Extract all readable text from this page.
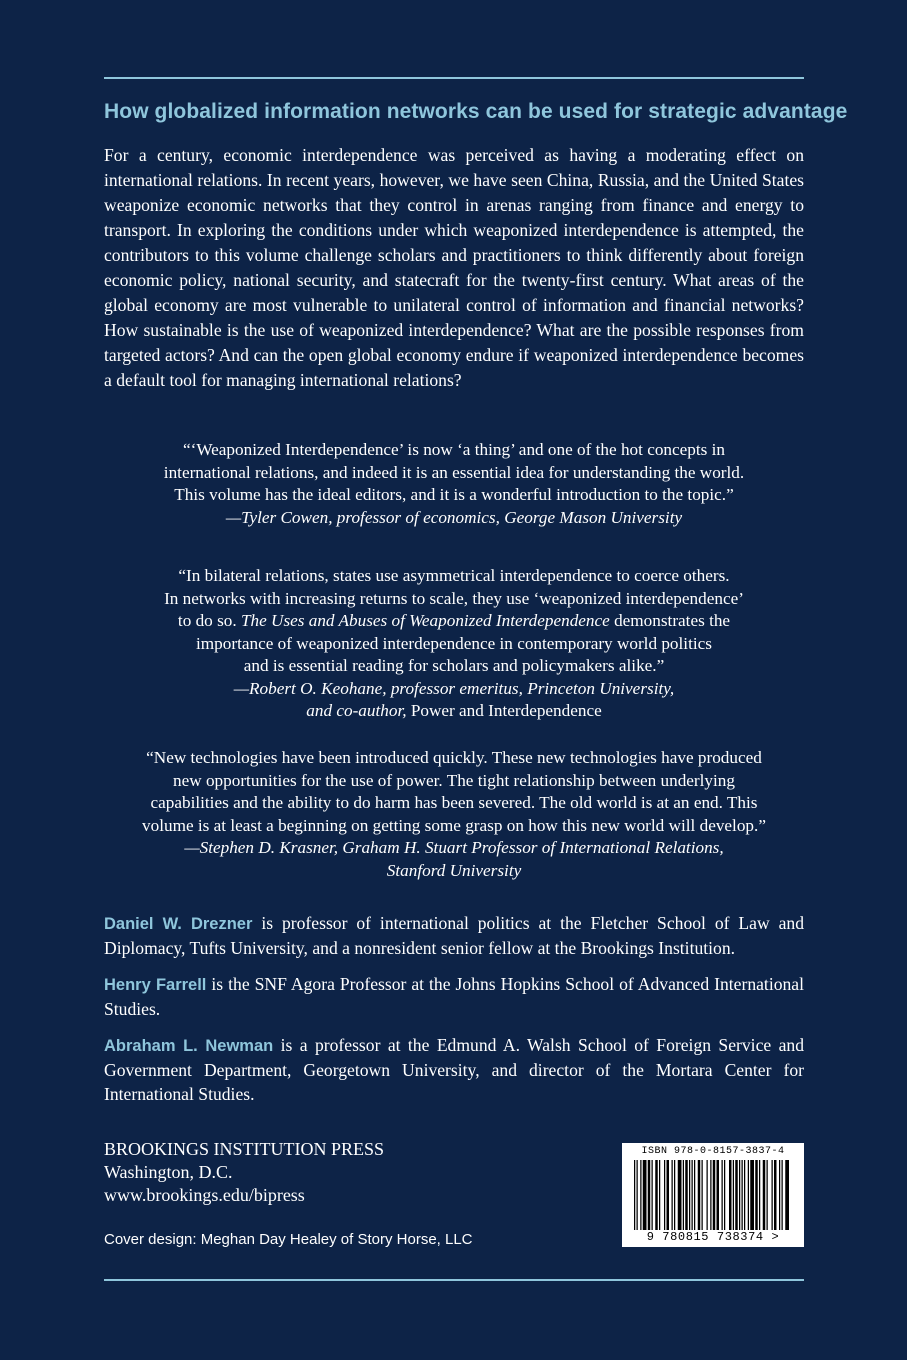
How globalized information networks can be used for strategic advantage
For a century, economic interdependence was perceived as having a moderating effect on international relations. In recent years, however, we have seen China, Russia, and the United States weaponize economic networks that they control in arenas ranging from finance and energy to transport. In exploring the conditions under which weaponized interdependence is attempted, the contributors to this volume challenge scholars and practitioners to think differently about foreign economic policy, national security, and statecraft for the twenty-first century. What areas of the global economy are most vulnerable to unilateral control of information and financial networks? How sustainable is the use of weaponized interdependence? What are the possible responses from targeted actors? And can the open global economy endure if weaponized interdependence becomes a default tool for managing international relations?

“‘Weaponized Interdependence’ is now ‘a thing’ and one of the hot concepts in

international relations, and indeed it is an essential idea for understanding the world.

This volume has the ideal editors, and it is a wonderful introduction to the topic.”

—Tyler Cowen, professor of economics, George Mason University

“In bilateral relations, states use asymmetrical interdependence to coerce others.

In networks with increasing returns to scale, they use ‘weaponized interdependence’

to do so. The Uses and Abuses of Weaponized Interdependence demonstrates the

importance of weaponized interdependence in contemporary world politics

and is essential reading for scholars and policymakers alike.”

—Robert O. Keohane, professor emeritus, Princeton University,

and co-author, Power and Interdependence

“New technologies have been introduced quickly. These new technologies have produced

new opportunities for the use of power. The tight relationship between underlying

capabilities and the ability to do harm has been severed. The old world is at an end. This

volume is at least a beginning on getting some grasp on how this new world will develop.”

—Stephen D. Krasner, Graham H. Stuart Professor of International Relations,

Stanford University

Daniel W. Drezner is professor of international politics at the Fletcher School of Law and Diplomacy, Tufts University, and a nonresident senior fellow at the Brookings Institution.
Henry Farrell is the SNF Agora Professor at the Johns Hopkins School of Advanced International Studies.
Abraham L. Newman is a professor at the Edmund A. Walsh School of Foreign Service and Government Department, Georgetown University, and director of the Mortara Center for International Studies.
BROOKINGS INSTITUTION PRESS
Washington, D.C.
www.brookings.edu/bipress
Cover design: Meghan Day Healey of Story Horse, LLC
ISBN 978-0-8157-3837-4
9 780815 738374 >
